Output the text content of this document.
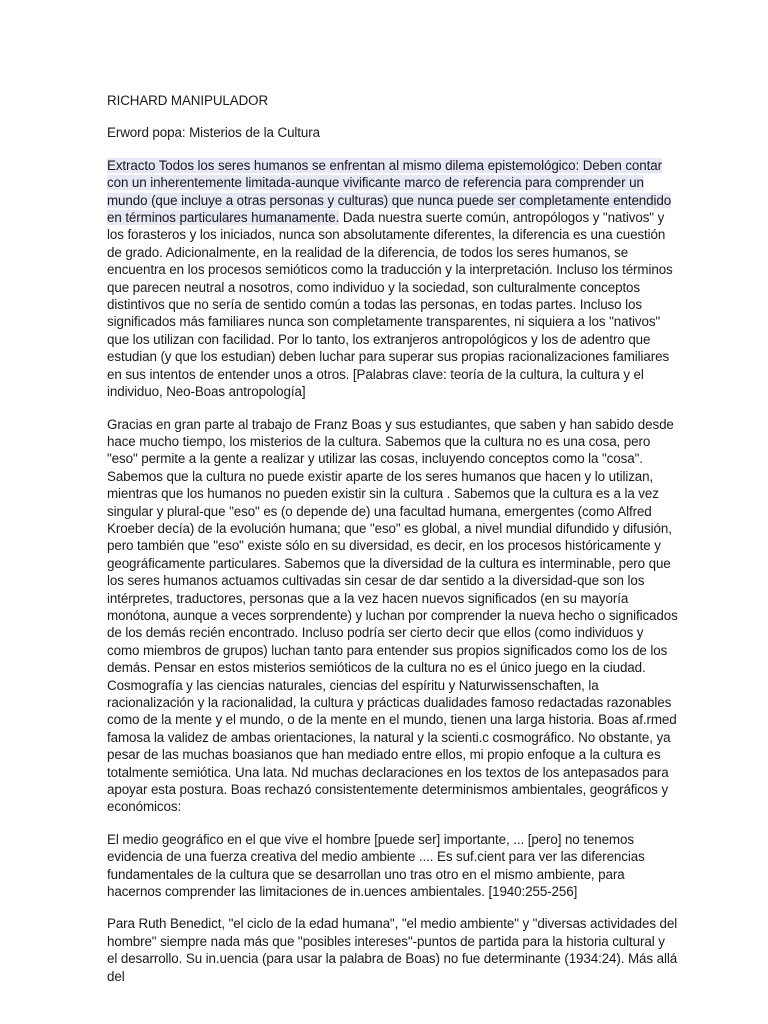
RICHARD MANIPULADOR

Erword popa: Misterios de la Cultura

Extracto Todos los seres humanos se enfrentan al mismo dilema epistemológico: Deben contar con un inherentemente limitada-aunque vivificante marco de referencia para comprender un mundo (que incluye a otras personas y culturas) que nunca puede ser completamente entendido en términos particulares humanamente. Dada nuestra suerte común, antropólogos y "nativos" y los forasteros y los iniciados, nunca son absolutamente diferentes, la diferencia es una cuestión de grado. Adicionalmente, en la realidad de la diferencia, de todos los seres humanos, se encuentra en los procesos semióticos como la traducción y la interpretación. Incluso los términos que parecen neutral a nosotros, como individuo y la sociedad, son culturalmente conceptos distintivos que no sería de sentido común a todas las personas, en todas partes. Incluso los significados más familiares nunca son completamente transparentes, ni siquiera a los "nativos" que los utilizan con facilidad. Por lo tanto, los extranjeros antropológicos y los de adentro que estudian (y que los estudian) deben luchar para superar sus propias racionalizaciones familiares en sus intentos de entender unos a otros. [Palabras clave: teoría de la cultura, la cultura y el individuo, Neo-Boas antropología]

Gracias en gran parte al trabajo de Franz Boas y sus estudiantes, que saben y han sabido desde hace mucho tiempo, los misterios de la cultura. Sabemos que la cultura no es una cosa, pero "eso" permite a la gente a realizar y utilizar las cosas, incluyendo conceptos como la "cosa". Sabemos que la cultura no puede existir aparte de los seres humanos que hacen y lo utilizan, mientras que los humanos no pueden existir sin la cultura . Sabemos que la cultura es a la vez singular y plural-que "eso" es (o depende de) una facultad humana, emergentes (como Alfred Kroeber decía) de la evolución humana; que "eso" es global, a nivel mundial difundido y difusión, pero también que "eso" existe sólo en su diversidad, es decir, en los procesos históricamente y geográficamente particulares. Sabemos que la diversidad de la cultura es interminable, pero que los seres humanos actuamos cultivadas sin cesar de dar sentido a la diversidad-que son los intérpretes, traductores, personas que a la vez hacen nuevos significados (en su mayoría monótona, aunque a veces sorprendente) y luchan por comprender la nueva hecho o significados de los demás recién encontrado. Incluso podría ser cierto decir que ellos (como individuos y como miembros de grupos) luchan tanto para entender sus propios significados como los de los demás. Pensar en estos misterios semióticos de la cultura no es el único juego en la ciudad. Cosmografía y las ciencias naturales, ciencias del espíritu y Naturwissenschaften, la racionalización y la racionalidad, la cultura y prácticas dualidades famoso redactadas razonables como de la mente y el mundo, o de la mente en el mundo, tienen una larga historia. Boas af.rmed famosa la validez de ambas orientaciones, la natural y la scienti.c cosmográfico. No obstante, ya pesar de las muchas boasianos que han mediado entre ellos, mi propio enfoque a la cultura es totalmente semiótica. Una lata. Nd muchas declaraciones en los textos de los antepasados para apoyar esta postura. Boas rechazó consistentemente determinismos ambientales, geográficos y económicos:

El medio geográfico en el que vive el hombre [puede ser] importante, ... [pero] no tenemos evidencia de una fuerza creativa del medio ambiente .... Es suf.cient para ver las diferencias fundamentales de la cultura que se desarrollan uno tras otro en el mismo ambiente, para hacernos comprender las limitaciones de in.uences ambientales. [1940:255-256]

Para Ruth Benedict, "el ciclo de la edad humana", "el medio ambiente" y "diversas actividades del hombre" siempre nada más que "posibles intereses"-puntos de partida para la historia cultural y el desarrollo. Su in.uencia (para usar la palabra de Boas) no fue determinante (1934:24). Más allá del
